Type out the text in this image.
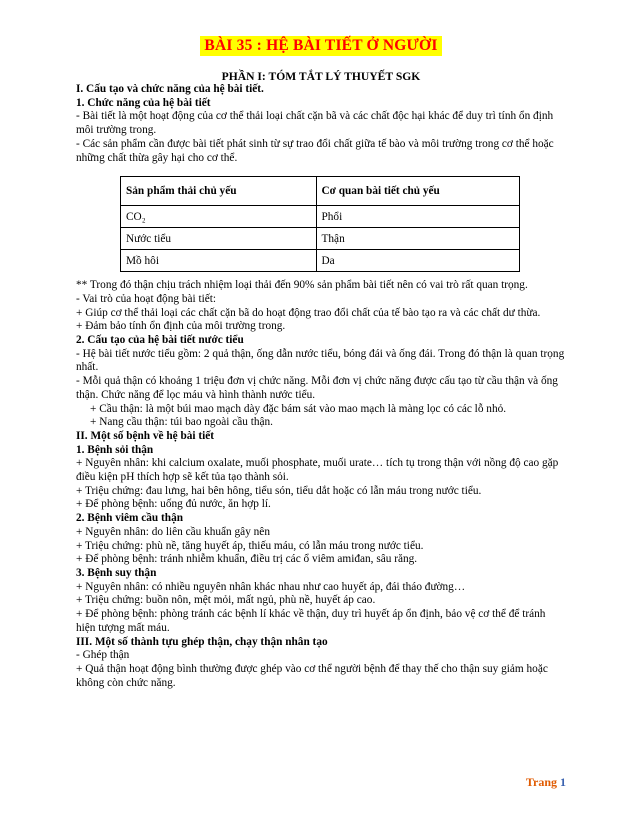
BÀI 35 : HỆ BÀI TIẾT Ở NGƯỜI
PHẦN I: TÓM TẮT LÝ THUYẾT SGK
I. Cấu tạo và chức năng của hệ bài tiết.
1. Chức năng của hệ bài tiết
- Bài tiết là một hoạt động của cơ thể thải loại chất cặn bã và các chất độc hại khác để duy trì tính ổn định môi trường trong.
- Các sản phẩm cần được bài tiết phát sinh từ sự trao đổi chất giữa tế bào và môi trường trong cơ thể hoặc những chất thừa gây hại cho cơ thể.
Sản phẩm thải chủ yếu	Cơ quan bài tiết chủ yếu
CO₂	Phổi
Nước tiểu	Thận
Mồ hôi	Da
** Trong đó thận chịu trách nhiệm loại thải đến 90% sản phẩm bài tiết nên có vai trò rất quan trọng.
- Vai trò của hoạt động bài tiết:
+ Giúp cơ thể thải loại các chất cặn bã do hoạt động trao đổi chất của tế bào tạo ra và các chất dư thừa.
+ Đảm bảo tính ổn định của môi trường trong.
2. Cấu tạo của hệ bài tiết nước tiểu
- Hệ bài tiết nước tiểu gồm: 2 quả thận, ống dẫn nước tiểu, bóng đái và ống đái. Trong đó thận là quan trọng nhất.
- Mỗi quả thận có khoảng 1 triệu đơn vị chức năng. Mỗi đơn vị chức năng được cấu tạo từ cầu thận và ống thận. Chức năng để lọc máu và hình thành nước tiểu.
+ Cầu thận: là một búi mao mạch dày đặc bám sát vào mao mạch là màng lọc có các lỗ nhỏ.
+ Nang cầu thận: túi bao ngoài cầu thận.
II. Một số bệnh về hệ bài tiết
1. Bệnh sỏi thận
+ Nguyên nhân: khi calcium oxalate, muối phosphate, muối urate… tích tụ trong thận với nồng độ cao gặp điều kiện pH thích hợp sẽ kết tủa tạo thành sỏi.
+ Triệu chứng: đau lưng, hai bên hông, tiểu són, tiểu dắt hoặc có lẫn máu trong nước tiểu.
+ Để phòng bệnh: uống đủ nước, ăn hợp lí.
2. Bệnh viêm cầu thận
+ Nguyên nhân: do liên cầu khuẩn gây nên
+ Triệu chứng: phù nề, tăng huyết áp, thiếu máu, có lẫn máu trong nước tiểu.
+ Để phòng bệnh: tránh nhiễm khuẩn, điều trị các ổ viêm amiđan, sâu răng.
3. Bệnh suy thận
+ Nguyên nhân: có nhiều nguyên nhân khác nhau như cao huyết áp, đái tháo đường…
+ Triệu chứng: buồn nôn, mệt mỏi, mất ngủ, phù nề, huyết áp cao.
+ Để phòng bệnh: phòng tránh các bệnh lí khác về thận, duy trì huyết áp ổn định, bảo vệ cơ thể để tránh hiện tượng mất máu.
III. Một số thành tựu ghép thận, chạy thận nhân tạo
- Ghép thận
+ Quả thận hoạt động bình thường được ghép vào cơ thể người bệnh để thay thế cho thận suy giảm hoặc không còn chức năng.
Trang 1
